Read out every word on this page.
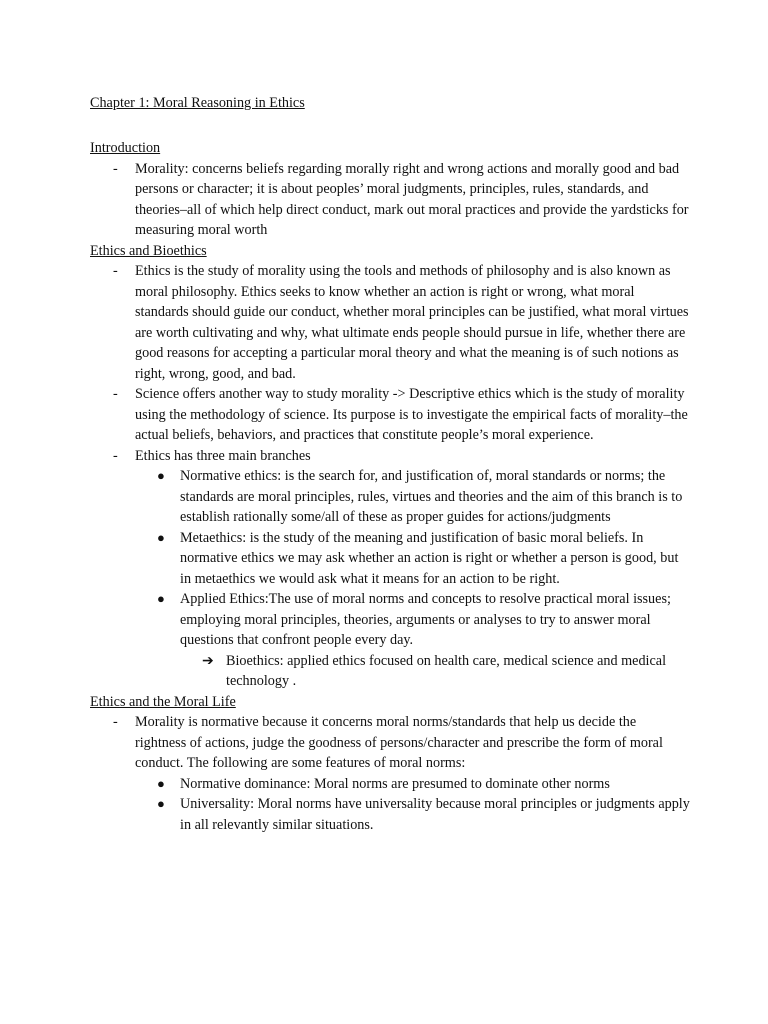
Chapter 1: Moral Reasoning in Ethics
Introduction
- Morality: concerns beliefs regarding morally right and wrong actions and morally good and bad persons or character; it is about peoples’ moral judgments, principles, rules, standards, and theories–all of which help direct conduct, mark out moral practices and provide the yardsticks for measuring moral worth
Ethics and Bioethics
- Ethics is the study of morality using the tools and methods of philosophy and is also known as moral philosophy. Ethics seeks to know whether an action is right or wrong, what moral standards should guide our conduct, whether moral principles can be justified, what moral virtues are worth cultivating and why, what ultimate ends people should pursue in life, whether there are good reasons for accepting a particular moral theory and what the meaning is of such notions as right, wrong, good, and bad.
- Science offers another way to study morality -> Descriptive ethics which is the study of morality using the methodology of science. Its purpose is to investigate the empirical facts of morality–the actual beliefs, behaviors, and practices that constitute people’s moral experience.
- Ethics has three main branches
● Normative ethics: is the search for, and justification of, moral standards or norms; the standards are moral principles, rules, virtues and theories and the aim of this branch is to establish rationally some/all of these as proper guides for actions/judgments
● Metaethics: is the study of the meaning and justification of basic moral beliefs. In normative ethics we may ask whether an action is right or whether a person is good, but in metaethics we would ask what it means for an action to be right.
● Applied Ethics:The use of moral norms and concepts to resolve practical moral issues; employing moral principles, theories, arguments or analyses to try to answer moral questions that confront people every day.
➔ Bioethics: applied ethics focused on health care, medical science and medical technology .
Ethics and the Moral Life
- Morality is normative because it concerns moral norms/standards that help us decide the rightness of actions, judge the goodness of persons/character and prescribe the form of moral conduct. The following are some features of moral norms:
● Normative dominance: Moral norms are presumed to dominate other norms
● Universality: Moral norms have universality because moral principles or judgments apply in all relevantly similar situations.
